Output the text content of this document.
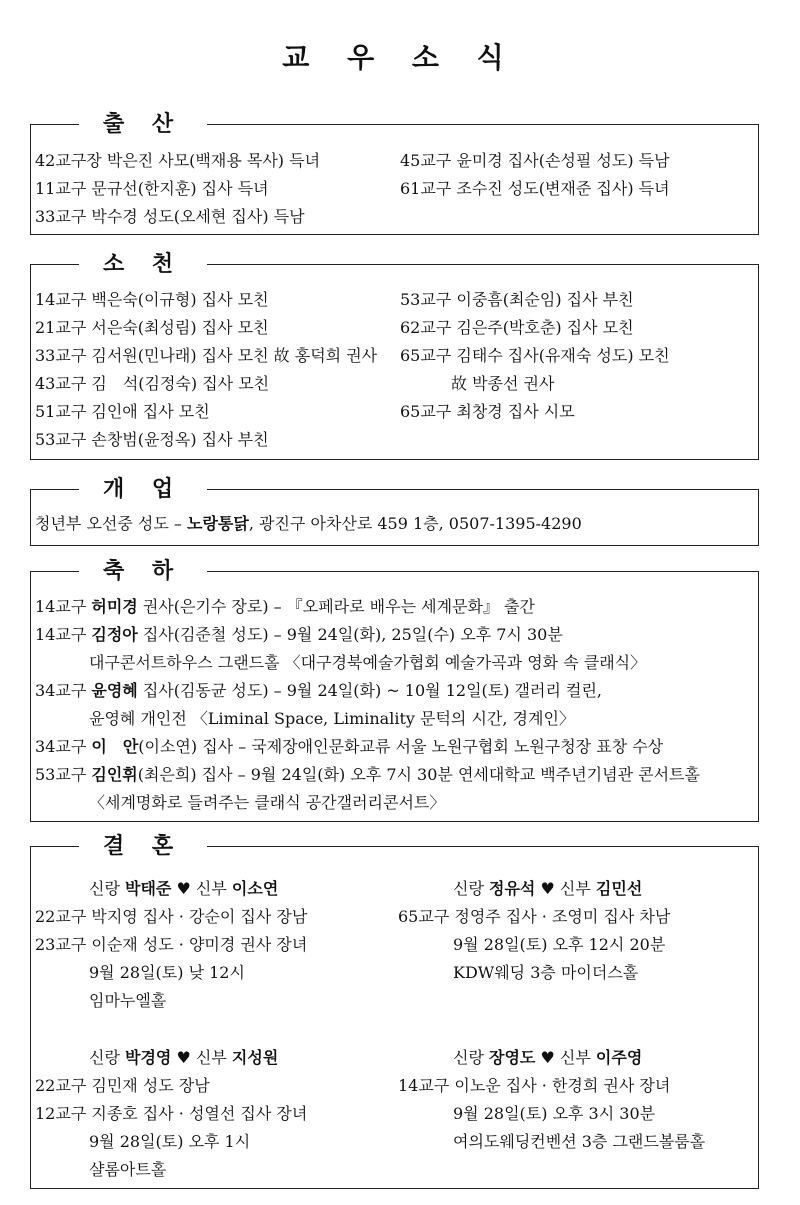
교 우 소 식
출 산
42교구장 박은진 사모(백재용 목사) 득녀
11교구 문규선(한지훈) 집사 득녀
33교구 박수경 성도(오세현 집사) 득남
45교구 윤미경 집사(손성필 성도) 득남
61교구 조수진 성도(변재준 집사) 득녀
소 천
14교구 백은숙(이규형) 집사 모친
21교구 서은숙(최성림) 집사 모친
33교구 김서원(민나래) 집사 모친 故 홍덕희 권사
43교구 김　석(김정숙) 집사 모친
51교구 김인애 집사 모친
53교구 손창범(윤정옥) 집사 부친
53교구 이중흠(최순임) 집사 부친
62교구 김은주(박호춘) 집사 모친
65교구 김태수 집사(유재숙 성도) 모친
故 박종선 권사
65교구 최창경 집사 시모
개 업
청년부 오선중 성도 – 노랑통닭, 광진구 아차산로 459 1층, 0507-1395-4290
축 하
14교구 허미경 권사(은기수 장로) – 『오페라로 배우는 세계문화』 출간
14교구 김정아 집사(김준철 성도) – 9월 24일(화), 25일(수) 오후 7시 30분
대구콘서트하우스 그랜드홀 〈대구경북예술가협회 예술가곡과 영화 속 클래식〉
34교구 윤영혜 집사(김동균 성도) – 9월 24일(화) ~ 10월 12일(토) 갤러리 컬린,
윤영혜 개인전 〈Liminal Space, Liminality 문턱의 시간, 경계인〉
34교구 이　안(이소연) 집사 – 국제장애인문화교류 서울 노원구협회 노원구청장 표창 수상
53교구 김인휘(최은희) 집사 – 9월 24일(화) 오후 7시 30분 연세대학교 백주년기념관 콘서트홀
〈세계명화로 들려주는 클래식 공간갤러리콘서트〉
결 혼
신랑 박태준 ♥ 신부 이소연
22교구 박지영 집사 · 강순이 집사 장남
23교구 이순재 성도 · 양미경 권사 장녀
9월 28일(토) 낮 12시
임마누엘홀
신랑 정유석 ♥ 신부 김민선
65교구 정영주 집사 · 조영미 집사 차남
9월 28일(토) 오후 12시 20분
KDW웨딩 3층 마이더스홀
신랑 박경영 ♥ 신부 지성원
22교구 김민재 성도 장남
12교구 지종호 집사 · 성열선 집사 장녀
9월 28일(토) 오후 1시
샬롬아트홀
신랑 장영도 ♥ 신부 이주영
14교구 이노운 집사 · 한경희 권사 장녀
9월 28일(토) 오후 3시 30분
여의도웨딩컨벤션 3층 그랜드볼룸홀
